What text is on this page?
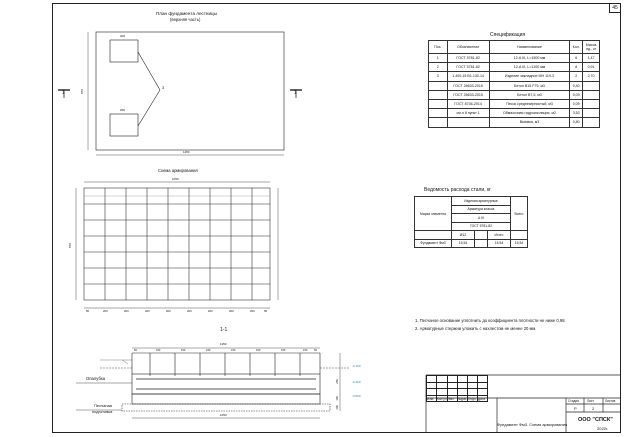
45
План фундамента лестницы
(верхняя часть)
1150
870
200
200
3
1	1
Схема армирования
1050
870
50	200	200	200	200	200	200	200	200	50
1-1
1150
50	150	150	150	150	150	150	150	50
1050
Опалубка
Песчаная
подготовка
-0.150
-0.400
-0.500
250
100
100
Спецификация
Поз.	Обозначение	Наименование	Кол.	Масса ед., кг
1	ГОСТ 5781-82	12-А III, L=1500 мм	6	1,47
2	ГОСТ 5781-82	12-А III, L=1100 мм	8	0,91
3	1.400-15 В1.130-14	Изделие закладное МН 119-3	2	2,70
	ГОСТ 26633-2015	Бетон В15 F75, м3	0,40	
	ГОСТ 26633-2015	Бетон В7,5, м3	0,09	
	ГОСТ 8736-2014	Песок среднезернистый, м3	0,09	
	см.л 8 пункт 1	Обмазочная гидроизоляция, м2	3,53	
		Выемка, м3	0,80	
Ведомость расхода стали, кг
Марка элемента	Изделия арматурные			Всего
	Арматура класса			
	А III			
	ГОСТ 5781-82			
	Ø12		Итого	
Фундамент Фм3	15,54		15,54	15,54
1. Песчаное основание уплотнить до коэффициента плотности не ниже 0,98.
2. Арматурные стержни уложить с нахлестом не менее 20 мм.

Изм.	Кол.уч	Лист	№док.	Подп.	Дата
Стадия	Лист	Листов
Р	2
Фундамент Фм3. Схема армирования
ООО "СПСК"
2022г.
